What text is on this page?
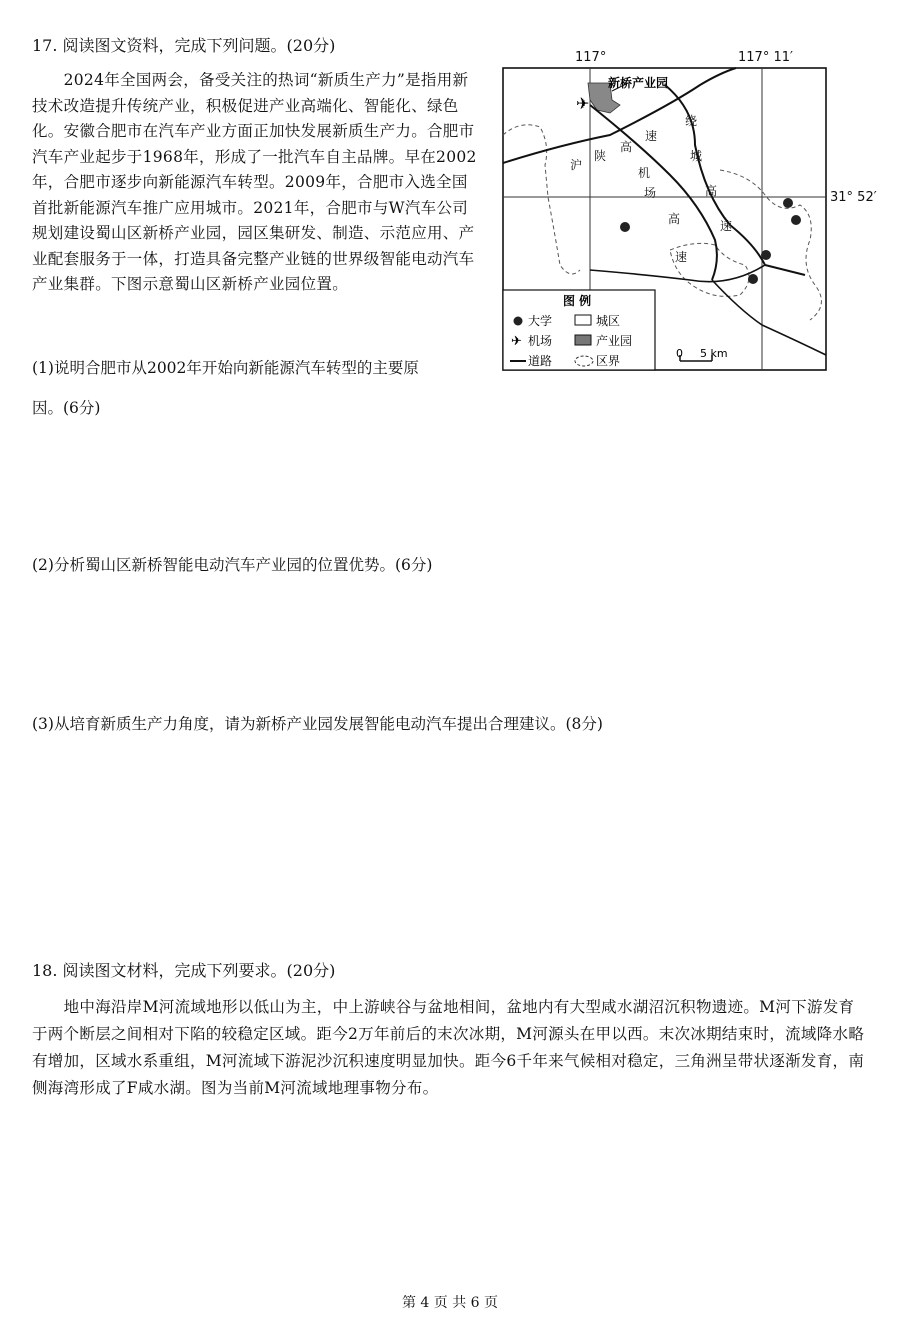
17. 阅读图文资料，完成下列问题。(20分)
　　2024年全国两会，备受关注的热词“新质生产力”是指用新技术改造提升传统产业，积极促进产业高端化、智能化、绿色化。安徽合肥市在汽车产业方面正加快发展新质生产力。合肥市汽车产业起步于1968年，形成了一批汽车自主品牌。早在2002年，合肥市逐步向新能源汽车转型。2009年，合肥市入选全国首批新能源汽车推广应用城市。2021年，合肥市与W汽车公司规划建设蜀山区新桥产业园，园区集研发、制造、示范应用、产业配套服务于一体，打造具备完整产业链的世界级智能电动汽车产业集群。下图示意蜀山区新桥产业园位置。
(1)说明合肥市从2002年开始向新能源汽车转型的主要原
因。(6分)
(2)分析蜀山区新桥智能电动汽车产业园的位置优势。(6分)
(3)从培育新质生产力角度，请为新桥产业园发展智能电动汽车提出合理建议。(8分)
新桥产业园
✈
沪
陕
高
速
绕
城
高
速
机
场
高
速
图 例
大学	城区
✈ 机场	产业园
道路	区界
0 5 km
117°	117° 11′
31° 52′
18. 阅读图文材料，完成下列要求。(20分)
　　地中海沿岸M河流域地形以低山为主，中上游峡谷与盆地相间，盆地内有大型咸水湖沼沉积物遗迹。M河下游发育于两个断层之间相对下陷的较稳定区域。距今2万年前后的末次冰期，M河源头在甲以西。末次冰期结束时，流域降水略有增加，区域水系重组，M河流域下游泥沙沉积速度明显加快。距今6千年来气候相对稳定，三角洲呈带状逐渐发育，南侧海湾形成了F咸水湖。图为当前M河流域地理事物分布。
第 4 页 共 6 页
